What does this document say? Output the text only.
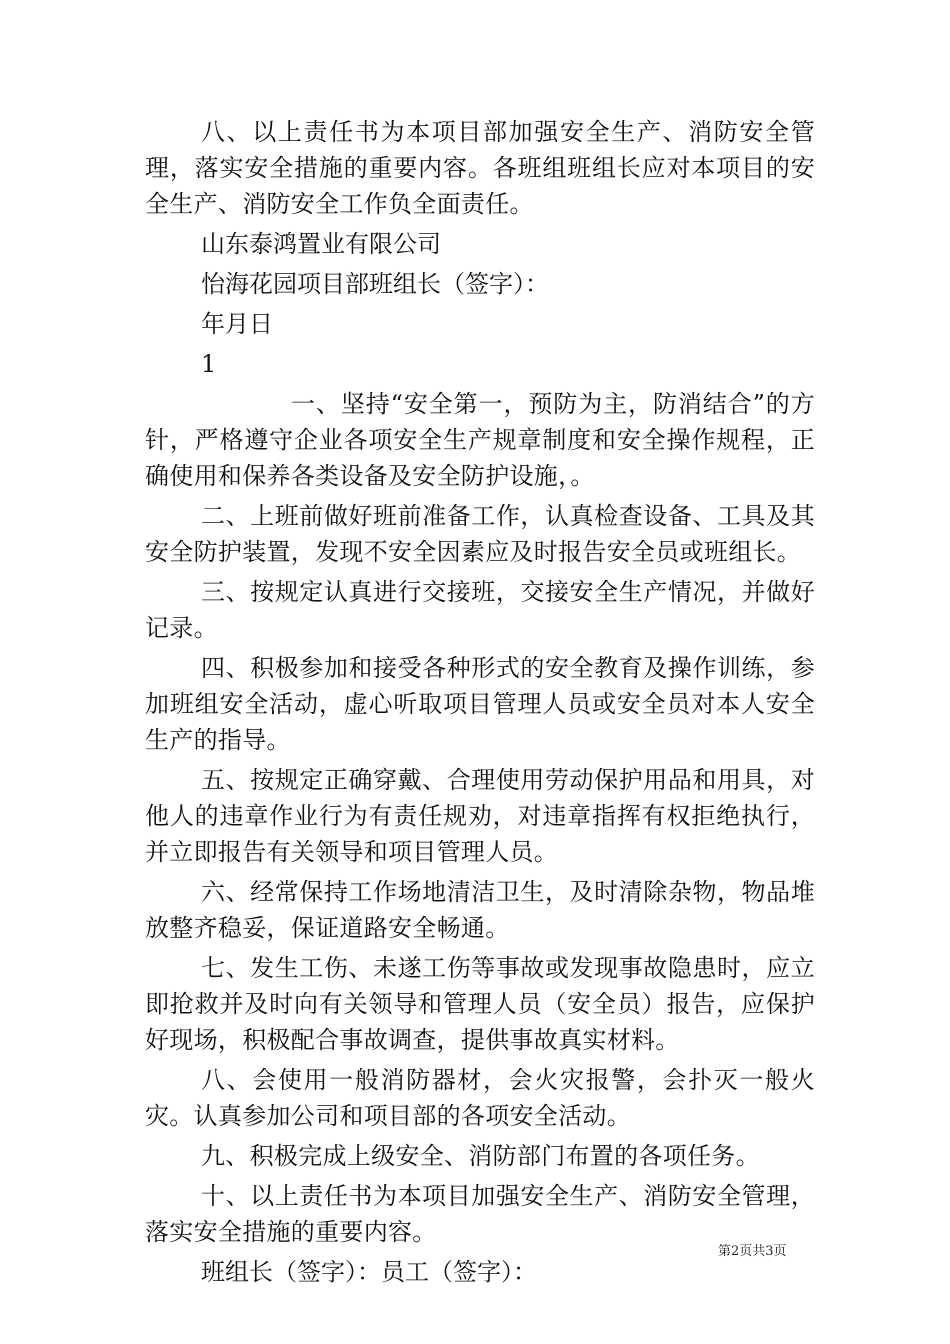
八、以上责任书为本项目部加强安全生产、消防安全管理，落实安全措施的重要内容。各班组班组长应对本项目的安全生产、消防安全工作负全面责任。

山东泰鸿置业有限公司

怡海花园项目部班组长（签字）：

年月日

1

一、坚持“安全第一，预防为主，防消结合”的方针，严格遵守企业各项安全生产规章制度和安全操作规程，正确使用和保养各类设备及安全防护设施，。

二、上班前做好班前准备工作，认真检查设备、工具及其安全防护装置，发现不安全因素应及时报告安全员或班组长。

三、按规定认真进行交接班，交接安全生产情况，并做好记录。

四、积极参加和接受各种形式的安全教育及操作训练，参加班组安全活动，虚心听取项目管理人员或安全员对本人安全生产的指导。

五、按规定正确穿戴、合理使用劳动保护用品和用具，对他人的违章作业行为有责任规劝，对违章指挥有权拒绝执行，并立即报告有关领导和项目管理人员。

六、经常保持工作场地清洁卫生，及时清除杂物，物品堆放整齐稳妥，保证道路安全畅通。

七、发生工伤、未遂工伤等事故或发现事故隐患时，应立即抢救并及时向有关领导和管理人员（安全员）报告，应保护好现场，积极配合事故调查，提供事故真实材料。

八、会使用一般消防器材，会火灾报警，会扑灭一般火灾。认真参加公司和项目部的各项安全活动。

九、积极完成上级安全、消防部门布置的各项任务。

十、以上责任书为本项目加强安全生产、消防安全管理，落实安全措施的重要内容。

班组长（签字）：员工（签字）：

第2页共3页
